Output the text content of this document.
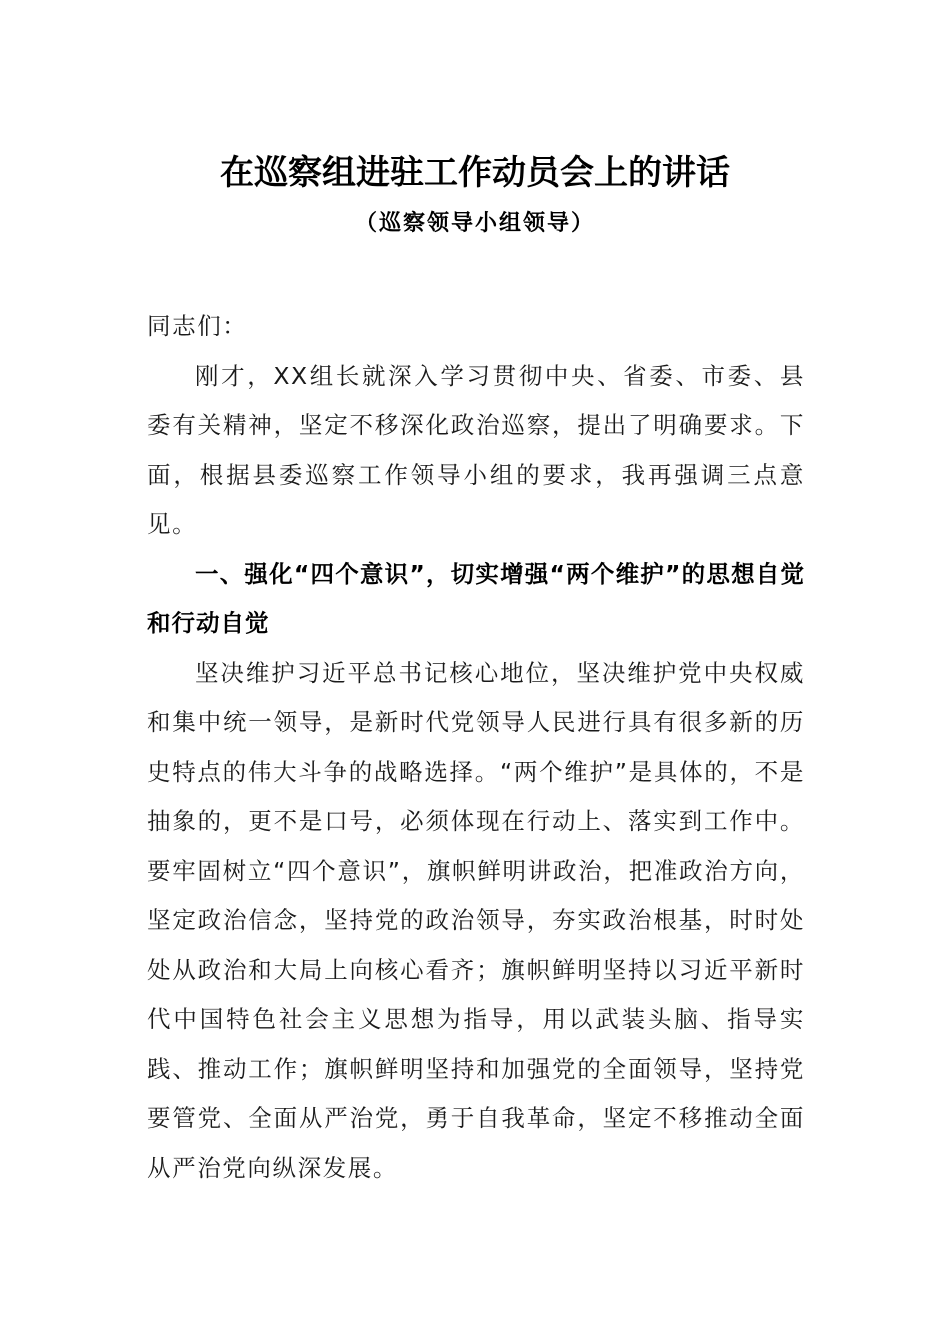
在巡察组进驻工作动员会上的讲话
（巡察领导小组领导）

同志们：

刚才，XX组长就深入学习贯彻中央、省委、市委、县委有关精神，坚定不移深化政治巡察，提出了明确要求。下面，根据县委巡察工作领导小组的要求，我再强调三点意见。

一、强化“四个意识”，切实增强“两个维护”的思想自觉和行动自觉

坚决维护习近平总书记核心地位，坚决维护党中央权威和集中统一领导，是新时代党领导人民进行具有很多新的历史特点的伟大斗争的战略选择。“两个维护”是具体的，不是抽象的，更不是口号，必须体现在行动上、落实到工作中。要牢固树立“四个意识”，旗帜鲜明讲政治，把准政治方向，坚定政治信念，坚持党的政治领导，夯实政治根基，时时处处从政治和大局上向核心看齐；旗帜鲜明坚持以习近平新时代中国特色社会主义思想为指导，用以武装头脑、指导实践、推动工作；旗帜鲜明坚持和加强党的全面领导，坚持党要管党、全面从严治党，勇于自我革命，坚定不移推动全面从严治党向纵深发展。
